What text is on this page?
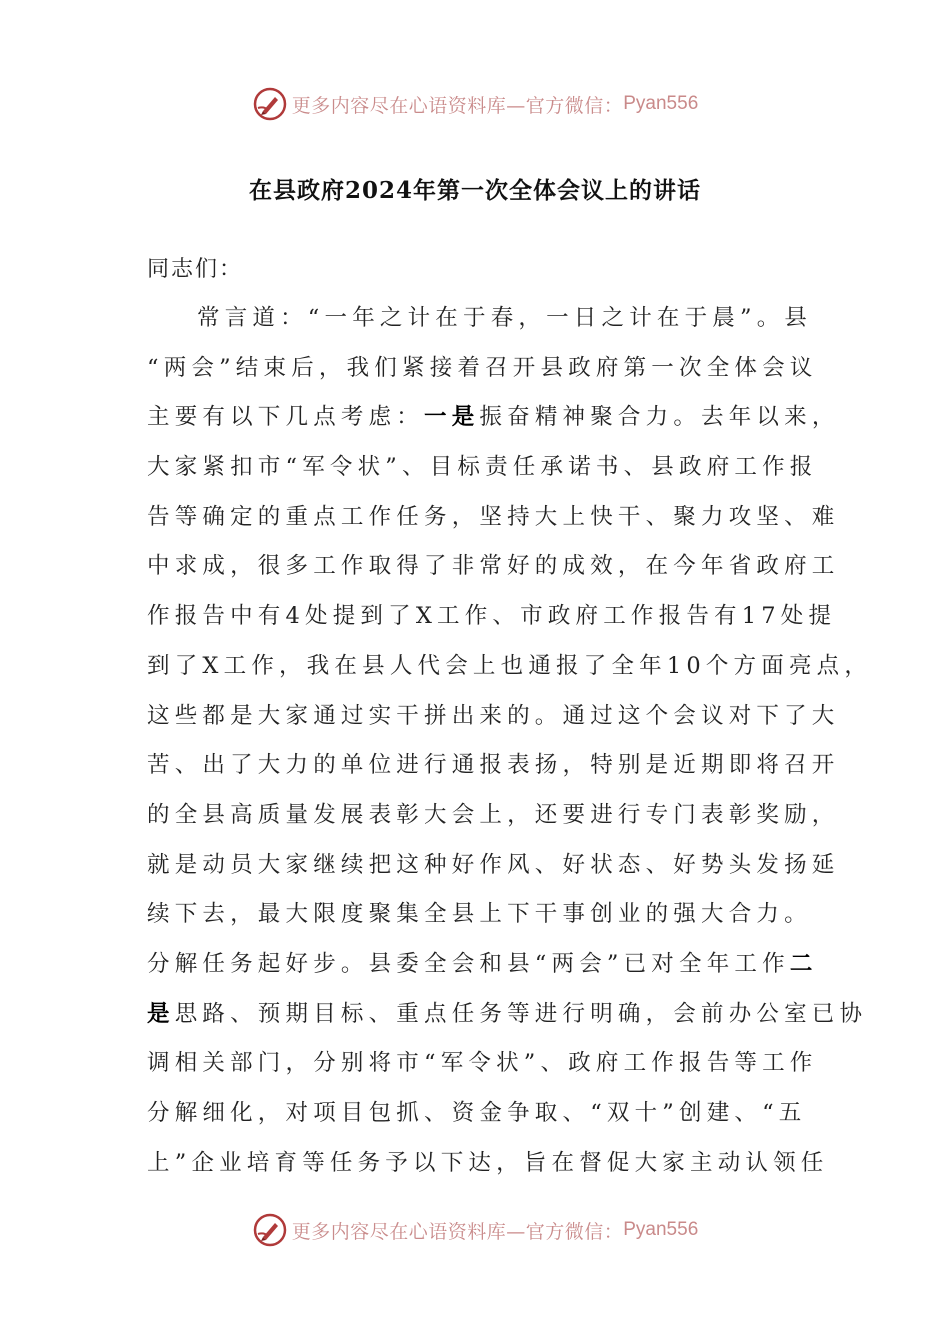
更多内容尽在心语资料库—官方微信： Pyan556
在县政府2024年第一次全体会议上的讲话
同志们：
常言道：“一年之计在于春，一日之计在于晨”。县
“两会”结束后，我们紧接着召开县政府第一次全体会议
主要有以下几点考虑：一是振奋精神聚合力。去年以来，
大家紧扣市“军令状”、目标责任承诺书、县政府工作报
告等确定的重点工作任务，坚持大上快干、聚力攻坚、难
中求成，很多工作取得了非常好的成效，在今年省政府工
作报告中有4处提到了X工作、市政府工作报告有17处提
到了X工作，我在县人代会上也通报了全年10个方面亮点，
这些都是大家通过实干拼出来的。通过这个会议对下了大
苦、出了大力的单位进行通报表扬，特别是近期即将召开
的全县高质量发展表彰大会上，还要进行专门表彰奖励，
就是动员大家继续把这种好作风、好状态、好势头发扬延
续下去，最大限度聚集全县上下干事创业的强大合力。
分解任务起好步。县委全会和县“两会”已对全年工作二
是思路、预期目标、重点任务等进行明确，会前办公室已协
调相关部门，分别将市“军令状”、政府工作报告等工作
分解细化，对项目包抓、资金争取、“双十”创建、“五
上”企业培育等任务予以下达，旨在督促大家主动认领任
更多内容尽在心语资料库—官方微信： Pyan556
